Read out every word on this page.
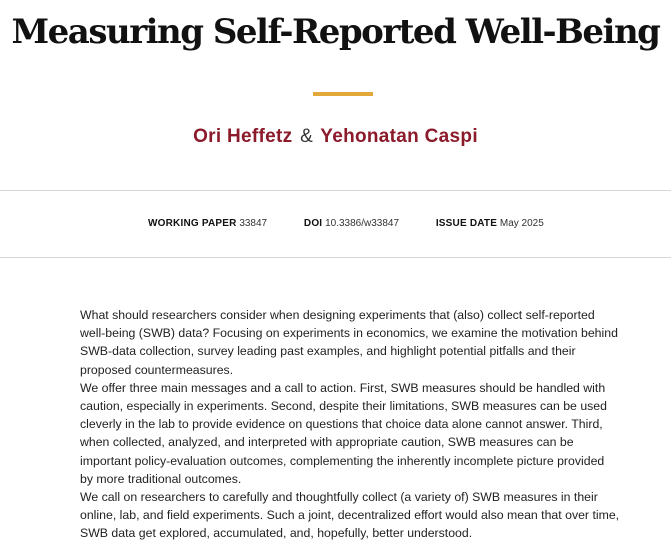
Measuring Self-Reported Well-Being
Ori Heffetz & Yehonatan Caspi
WORKING PAPER 33847	DOI 10.3386/w33847	ISSUE DATE May 2025

What should researchers consider when designing experiments that (also) collect self-reported well-being (SWB) data? Focusing on experiments in economics, we examine the motivation behind SWB-data collection, survey leading past examples, and highlight potential pitfalls and their proposed countermeasures.

We offer three main messages and a call to action. First, SWB measures should be handled with caution, especially in experiments. Second, despite their limitations, SWB measures can be used cleverly in the lab to provide evidence on questions that choice data alone cannot answer. Third, when collected, analyzed, and interpreted with appropriate caution, SWB measures can be important policy-evaluation outcomes, complementing the inherently incomplete picture provided by more traditional outcomes.

We call on researchers to carefully and thoughtfully collect (a variety of) SWB measures in their online, lab, and field experiments. Such a joint, decentralized effort would also mean that over time, SWB data get explored, accumulated, and, hopefully, better understood.
